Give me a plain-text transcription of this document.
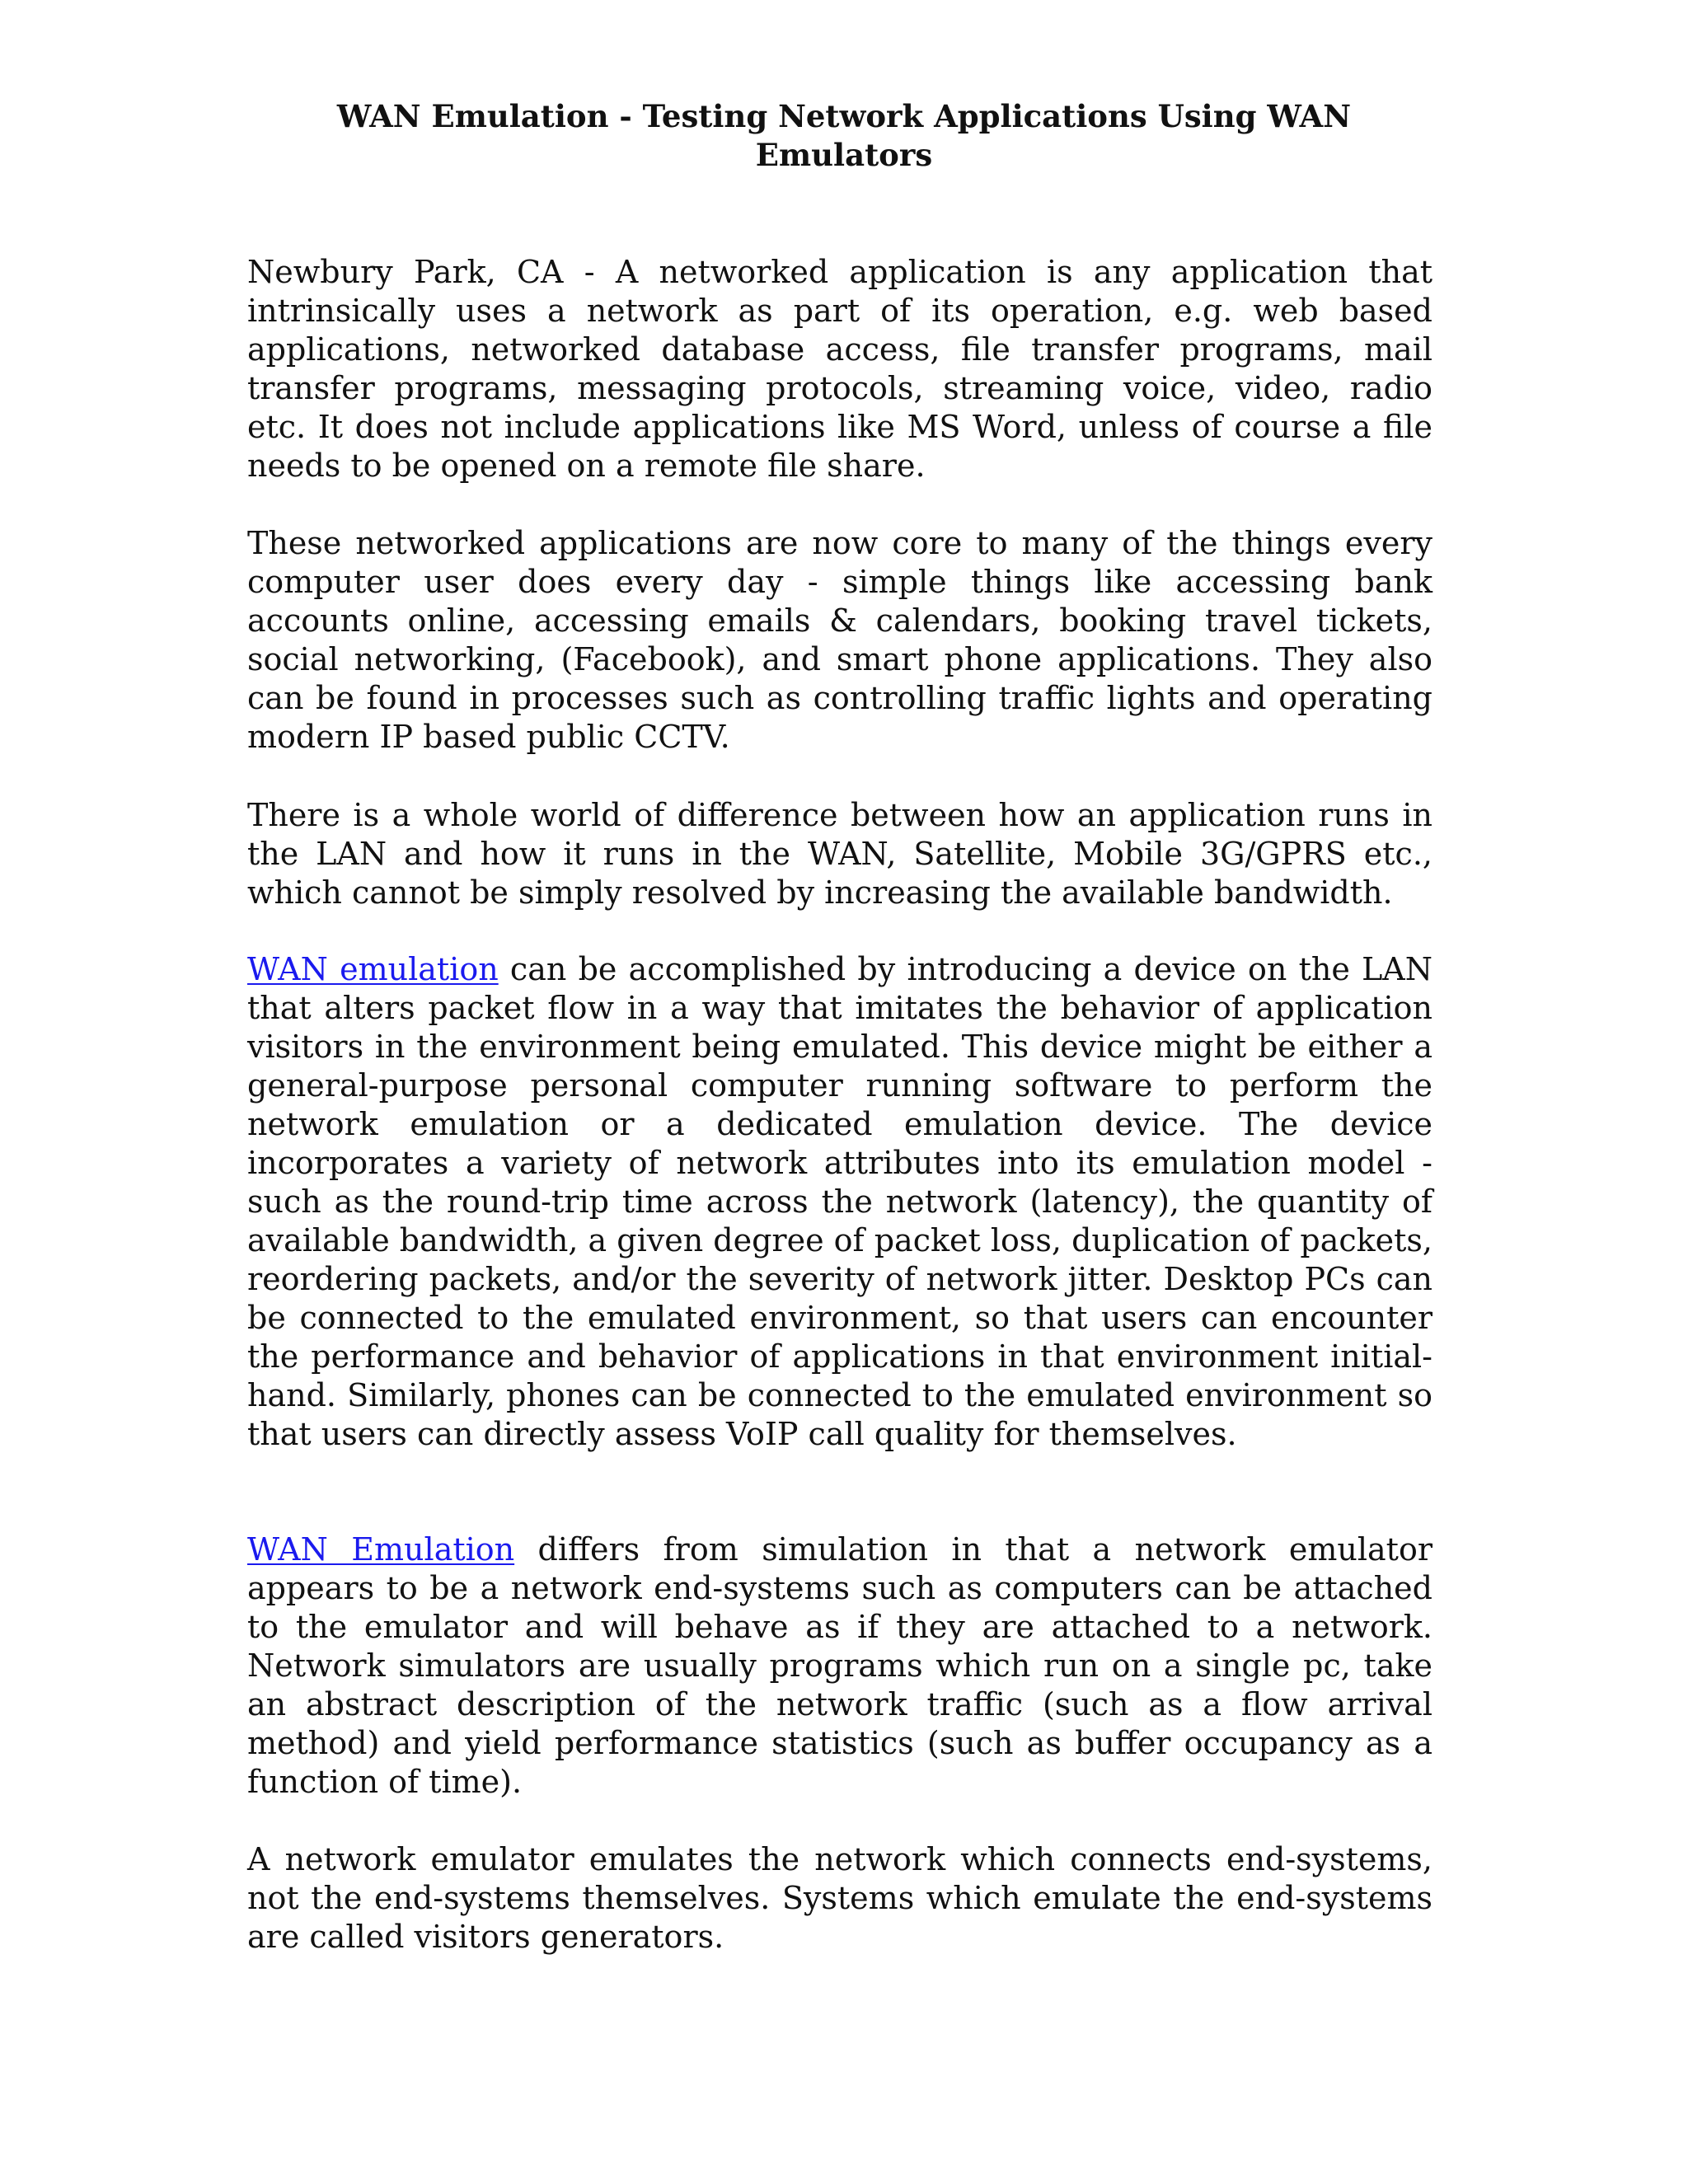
WAN Emulation - Testing Network Applications Using WAN
Emulators

Newbury Park, CA - A networked application is any application that intrinsically uses a network as part of its operation, e.g. web based applications, networked database access, file transfer programs, mail transfer programs, messaging protocols, streaming voice, video, radio etc. It does not include applications like MS Word, unless of course a file needs to be opened on a remote file share.

These networked applications are now core to many of the things every computer user does every day - simple things like accessing bank accounts online, accessing emails & calendars, booking travel tickets, social networking, (Facebook), and smart phone applications. They also can be found in processes such as controlling traffic lights and operating modern IP based public CCTV.

There is a whole world of difference between how an application runs in the LAN and how it runs in the WAN, Satellite, Mobile 3G/GPRS etc., which cannot be simply resolved by increasing the available bandwidth.

WAN emulation can be accomplished by introducing a device on the LAN that alters packet flow in a way that imitates the behavior of application visitors in the environment being emulated. This device might be either a general-purpose personal computer running software to perform the network emulation or a dedicated emulation device. The device incorporates a variety of network attributes into its emulation model - such as the round-trip time across the network (latency), the quantity of available bandwidth, a given degree of packet loss, duplication of packets, reordering packets, and/or the severity of network jitter. Desktop PCs can be connected to the emulated environment, so that users can encounter the performance and behavior of applications in that environment initial-hand. Similarly, phones can be connected to the emulated environment so that users can directly assess VoIP call quality for themselves.

WAN Emulation differs from simulation in that a network emulator appears to be a network end-systems such as computers can be attached to the emulator and will behave as if they are attached to a network. Network simulators are usually programs which run on a single pc, take an abstract description of the network traffic (such as a flow arrival method) and yield performance statistics (such as buffer occupancy as a function of time).

A network emulator emulates the network which connects end-systems, not the end-systems themselves. Systems which emulate the end-systems are called visitors generators.
